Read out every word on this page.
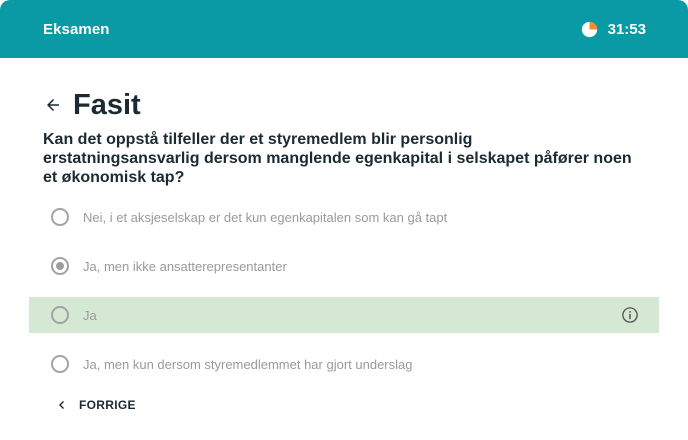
Eksamen	31:53
Fasit
Kan det oppstå tilfeller der et styremedlem blir personlig erstatningsansvarlig dersom manglende egenkapital i selskapet påfører noen et økonomisk tap?
Nei, i et aksjeselskap er det kun egenkapitalen som kan gå tapt
Ja, men ikke ansatterepresentanter
Ja
Ja, men kun dersom styremedlemmet har gjort underslag
FORRIGE
